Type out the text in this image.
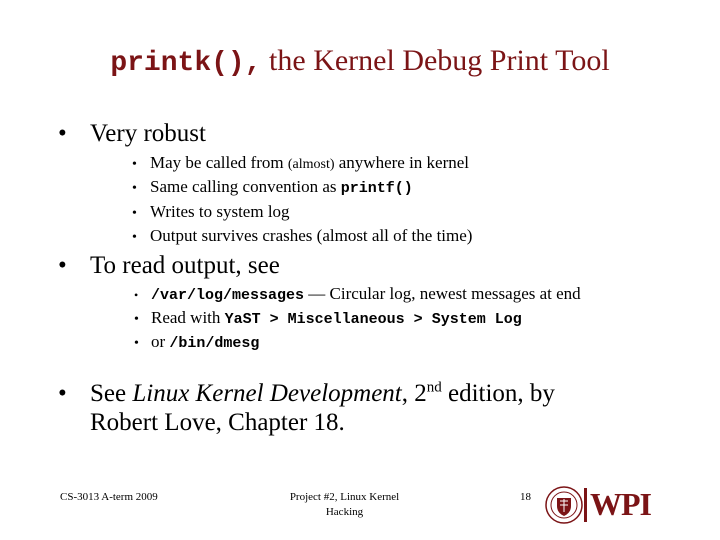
printk(), the Kernel Debug Print Tool
• Very robust
• May be called from (almost) anywhere in kernel
• Same calling convention as printf()
• Writes to system log
• Output survives crashes (almost all of the time)
• To read output, see
• /var/log/messages — Circular log, newest messages at end
• Read with YaST > Miscellaneous > System Log
• or /bin/dmesg
• See Linux Kernel Development, 2nd edition, by
Robert Love, Chapter 18.
CS-3013 A-term 2009	Project #2, Linux Kernel
Hacking
18 WPI
